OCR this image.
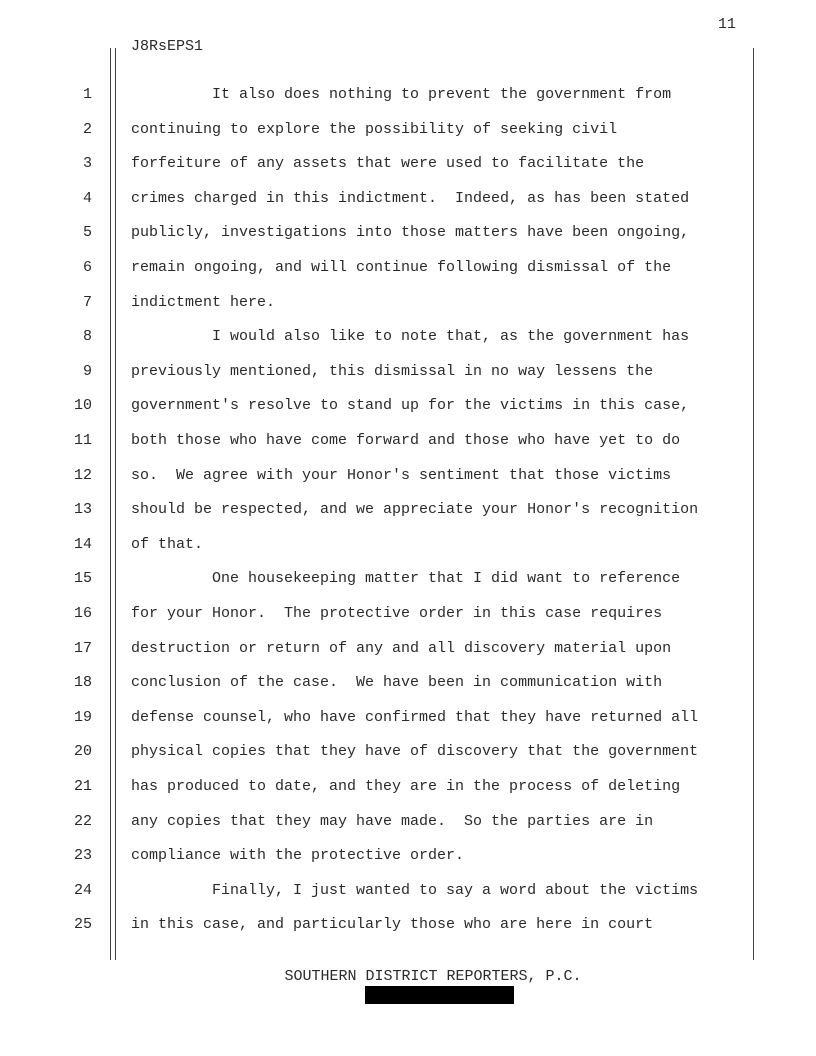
11
J8RsEPS1
1	It also does nothing to prevent the government from
2	continuing to explore the possibility of seeking civil
3	forfeiture of any assets that were used to facilitate the
4	crimes charged in this indictment.  Indeed, as has been stated
5	publicly, investigations into those matters have been ongoing,
6	remain ongoing, and will continue following dismissal of the
7	indictment here.
8	I would also like to note that, as the government has
9	previously mentioned, this dismissal in no way lessens the
10	government's resolve to stand up for the victims in this case,
11	both those who have come forward and those who have yet to do
12	so.  We agree with your Honor's sentiment that those victims
13	should be respected, and we appreciate your Honor's recognition
14	of that.
15	One housekeeping matter that I did want to reference
16	for your Honor.  The protective order in this case requires
17	destruction or return of any and all discovery material upon
18	conclusion of the case.  We have been in communication with
19	defense counsel, who have confirmed that they have returned all
20	physical copies that they have of discovery that the government
21	has produced to date, and they are in the process of deleting
22	any copies that they may have made.  So the parties are in
23	compliance with the protective order.
24	Finally, I just wanted to say a word about the victims
25	in this case, and particularly those who are here in court
SOUTHERN DISTRICT REPORTERS, P.C.
